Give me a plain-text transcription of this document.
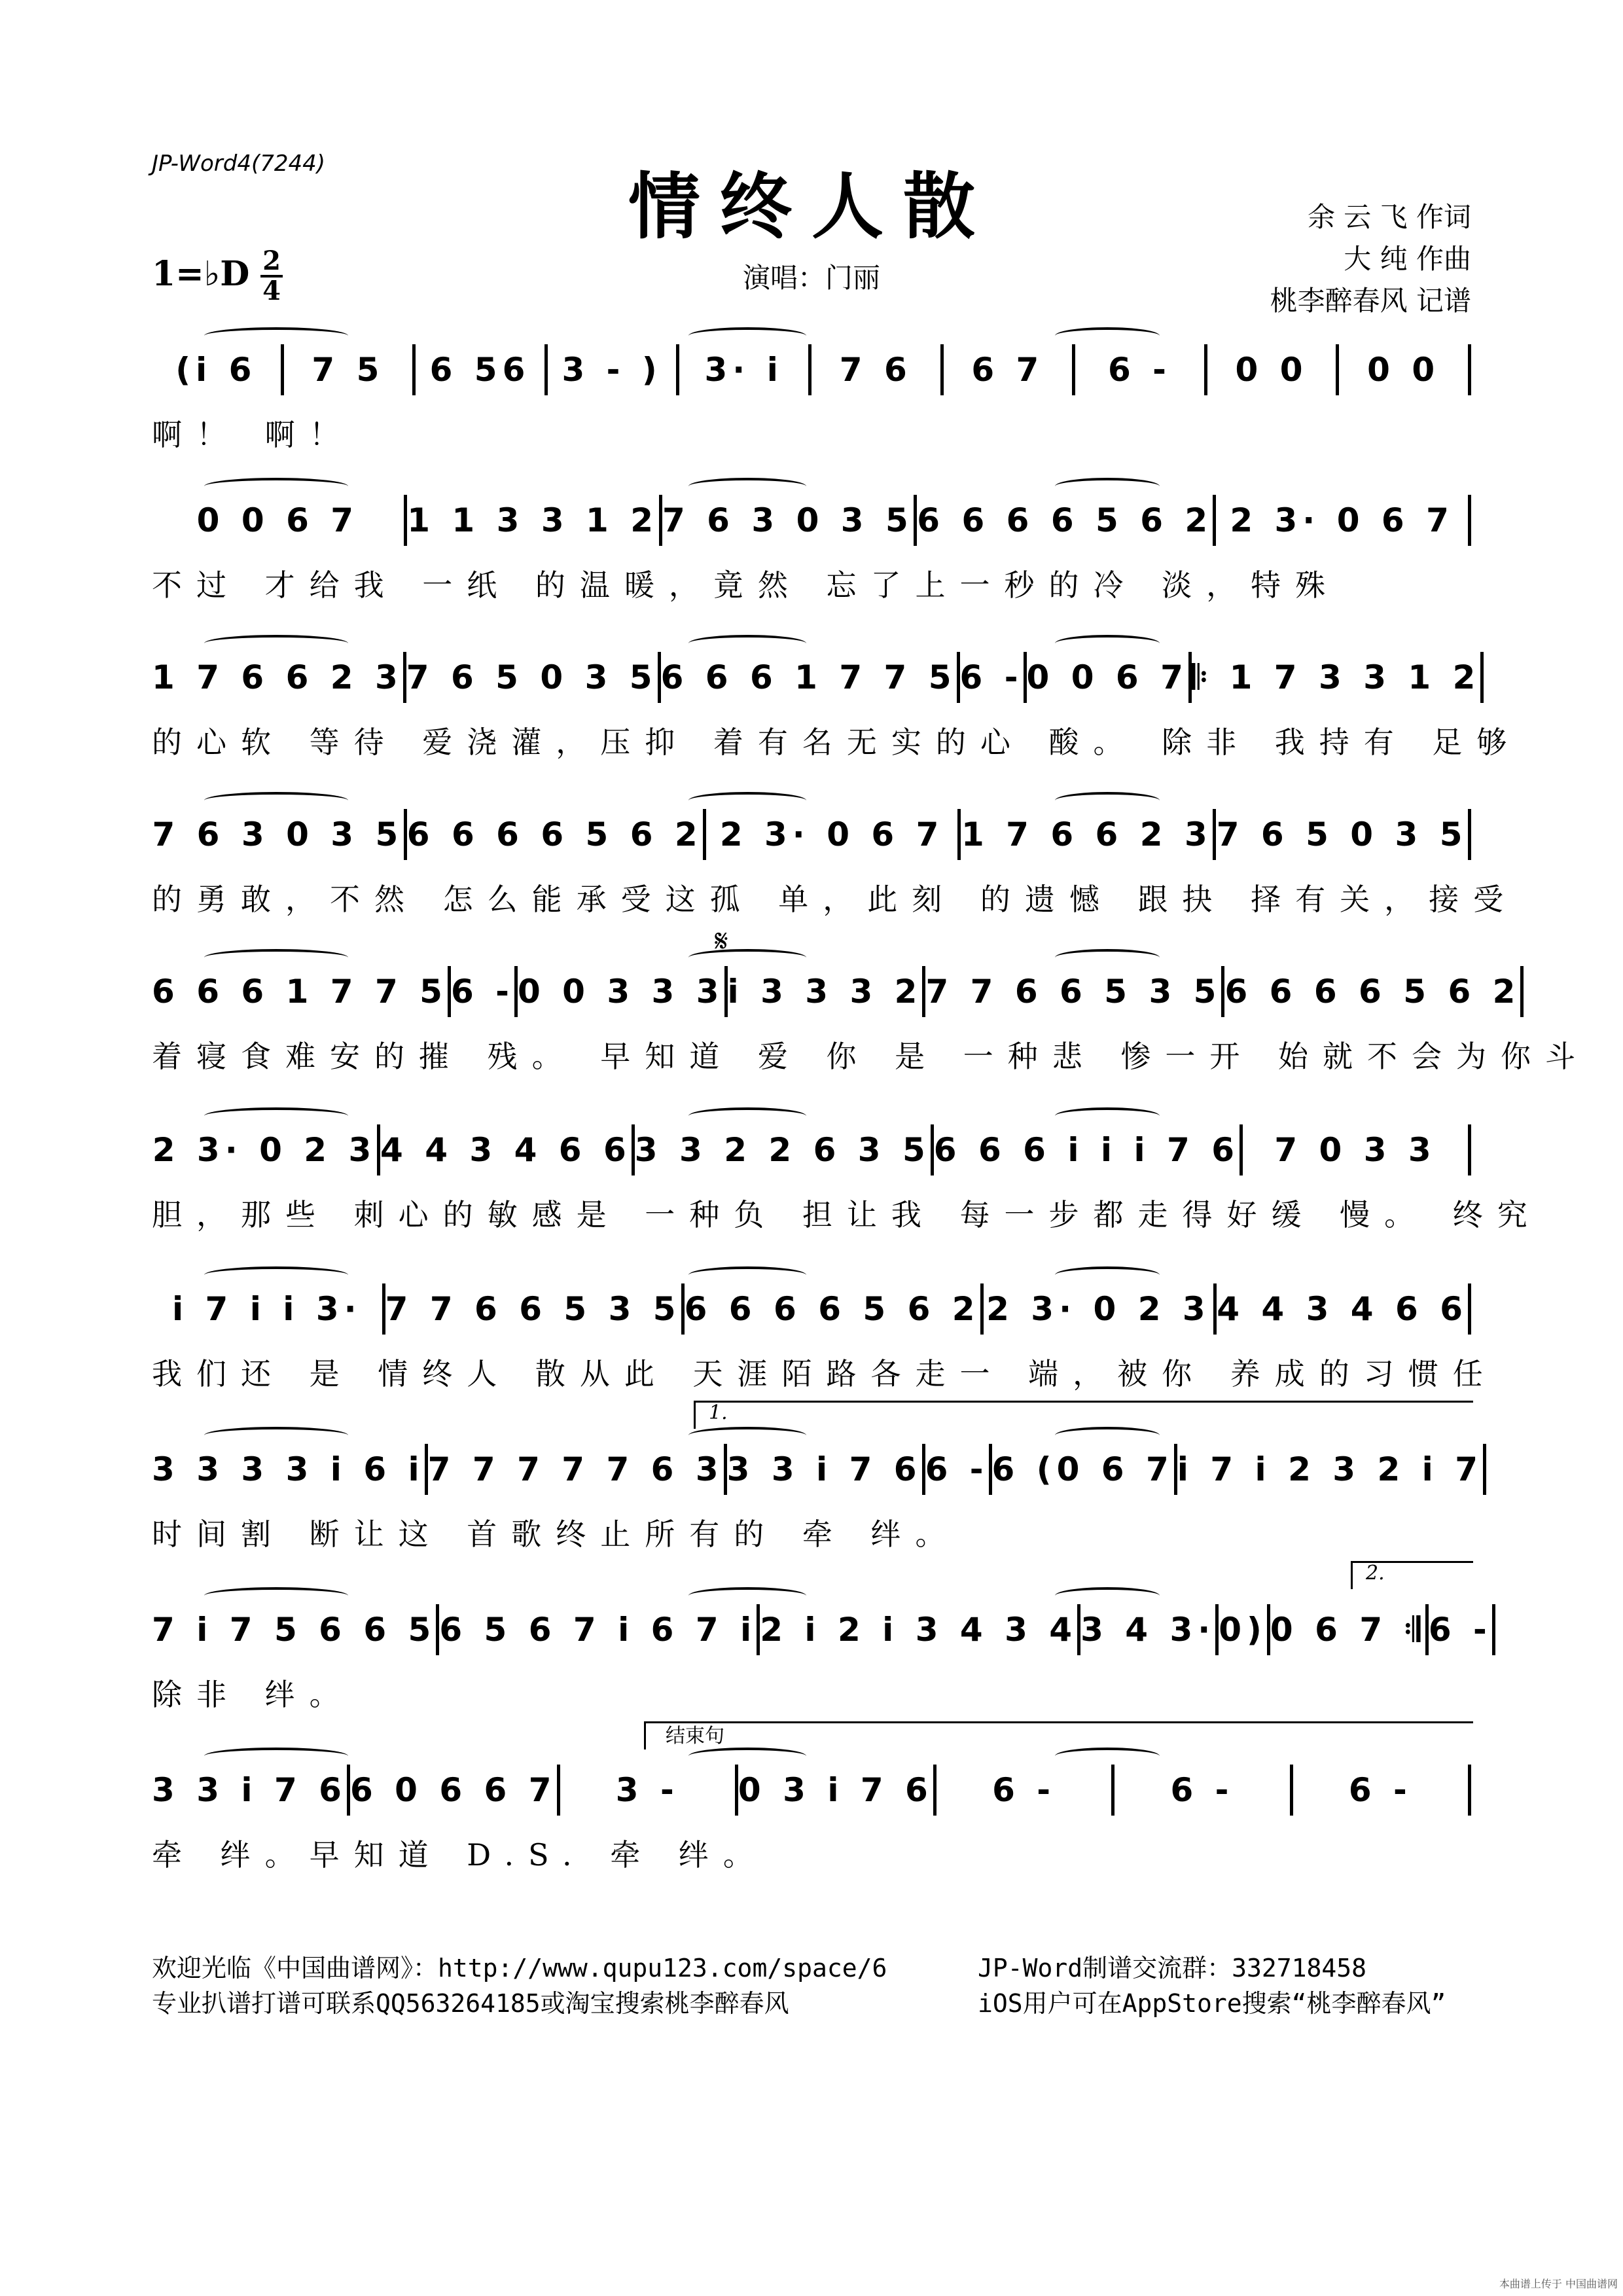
JP-Word4(7244)
情终人散
1=♭D 2
4	演唱：门丽
余 云 飞 作词
大 纯 作曲
桃李醉春风 记谱
(i 6	7 5	6 56 3 - )	3· i	7 6	6 7	6 -	0 0	0 0
啊！ 啊！
0 0 6 7	1 1 3 3 1 2 7 6 3 0 3 5 6 6 6 6 5 6 2 2 3· 0 6 7
不过 才给我 一纸 的温暖，竟然 忘了上一秒的冷 淡，特殊
1 7 6 6 2 3 7 6 5 0 3 5 6 6 6 1 7 7 5 6 - 0 0 6 7 𝄆 1 7 3 3 1 2
的心软 等待 爱浇灌，压抑 着有名无实的心 酸。 除非 我持有 足够
7 6 3 0 3 5 6 6 6 6 5 6 2 2 3· 0 6 7 1 7 6 6 2 3 7 6 5 0 3 5
的勇敢，不然 怎么能承受这孤 单，此刻 的遗憾 跟抉 择有关，接受
6 6 6 1 7 7 5 6 - 0 0 3 3 3 i 3 3 3 2 7 7 6 6 5 3 5 6 6 6 6 5 6 2
着寝食难安的摧 残。 早知道 爱 你 是 一种悲 惨一开 始就不会为你斗
𝄋
2 3· 0 2 3 4 4 3 4 6 6 3 3 2 2 6 3 5 6 6 6 i i i 7 6	7 0 3 3
胆，那些 刺心的敏感是 一种负 担让我 每一步都走得好缓 慢。 终究
i 7 i i 3· 7 7 6 6 5 3 5 6 6 6 6 5 6 2 2 3· 0 2 3 4 4 3 4 6 6
我们还 是 情终人 散从此 天涯陌路各走一 端，被你 养成的习惯任
3 3 3 3 i 6 i 7 7 7 7 7 6 3 3 3 i 7 6 6 - 6 (0 6 7 i 7 i 2 3 2 i 7
时间割 断让这 首歌终止所有的 牵 绊。
1.
7 i 7 5 6 6 5 6 5 6 7 i 6 7 i 2 i 2 i 3 4 3 4 3 4 3· 0) 0 6 7 𝄇 6 -
除非 绊。
2.
3 3 i 7 6 6 0 6 6 7	3 -	0 3 i 7 6	6 -	6 -	6 -
牵 绊。早知道 D.S. 牵 绊。
结束句
欢迎光临《中国曲谱网》：http://www.qupu123.com/space/6
专业扒谱打谱可联系QQ563264185或淘宝搜索桃李醉春风
JP-Word制谱交流群：332718458
iOS用户可在AppStore搜索“桃李醉春风”
本曲谱上传于 中国曲谱网
